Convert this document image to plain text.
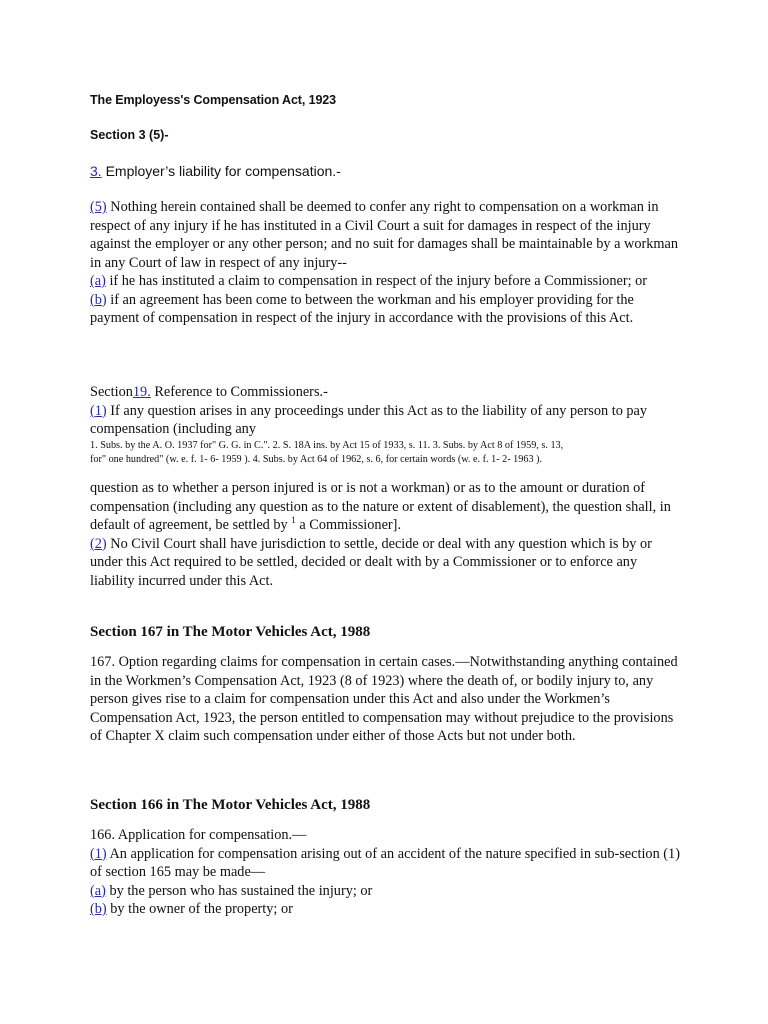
The Employess's Compensation Act, 1923
Section 3 (5)-
3. Employer’s liability for compensation.-

(5) Nothing herein contained shall be deemed to confer any right to compensation on a workman in respect of any injury if he has instituted in a Civil Court a suit for damages in respect of the injury against the employer or any other person; and no suit for damages shall be maintainable by a workman in any Court of law in respect of any injury--

(a) if he has instituted a claim to compensation in respect of the injury before a Commissioner; or

(b) if an agreement has been come to between the workman and his employer providing for the payment of compensation in respect of the injury in accordance with the provisions of this Act.

Section19. Reference to Commissioners.-

(1) If any question arises in any proceedings under this Act as to the liability of any person to pay compensation (including any

1. Subs. by the A. O. 1937 for" G. G. in C.". 2. S. 18A ins. by Act 15 of 1933, s. 11. 3. Subs. by Act 8 of 1959, s. 13,
for" one hundred" (w. e. f. 1- 6- 1959 ). 4. Subs. by Act 64 of 1962, s. 6, for certain words (w. e. f. 1- 2- 1963 ).

question as to whether a person injured is or is not a workman) or as to the amount or duration of compensation (including any question as to the nature or extent of disablement), the question shall, in default of agreement, be settled by $^1$ a Commissioner].

(2) No Civil Court shall have jurisdiction to settle, decide or deal with any question which is by or under this Act required to be settled, decided or dealt with by a Commissioner or to enforce any liability incurred under this Act.

Section 167 in The Motor Vehicles Act, 1988
167. Option regarding claims for compensation in certain cases.—Notwithstanding anything contained in the Workmen’s Compensation Act, 1923 (8 of 1923) where the death of, or bodily injury to, any person gives rise to a claim for compensation under this Act and also under the Workmen’s Compensation Act, 1923, the person entitled to compensation may without prejudice to the provisions of Chapter X claim such compensation under either of those Acts but not under both.
Section 166 in The Motor Vehicles Act, 1988

166. Application for compensation.—

(1) An application for compensation arising out of an accident of the nature specified in sub-section (1) of section 165 may be made—

(a) by the person who has sustained the injury; or

(b) by the owner of the property; or
